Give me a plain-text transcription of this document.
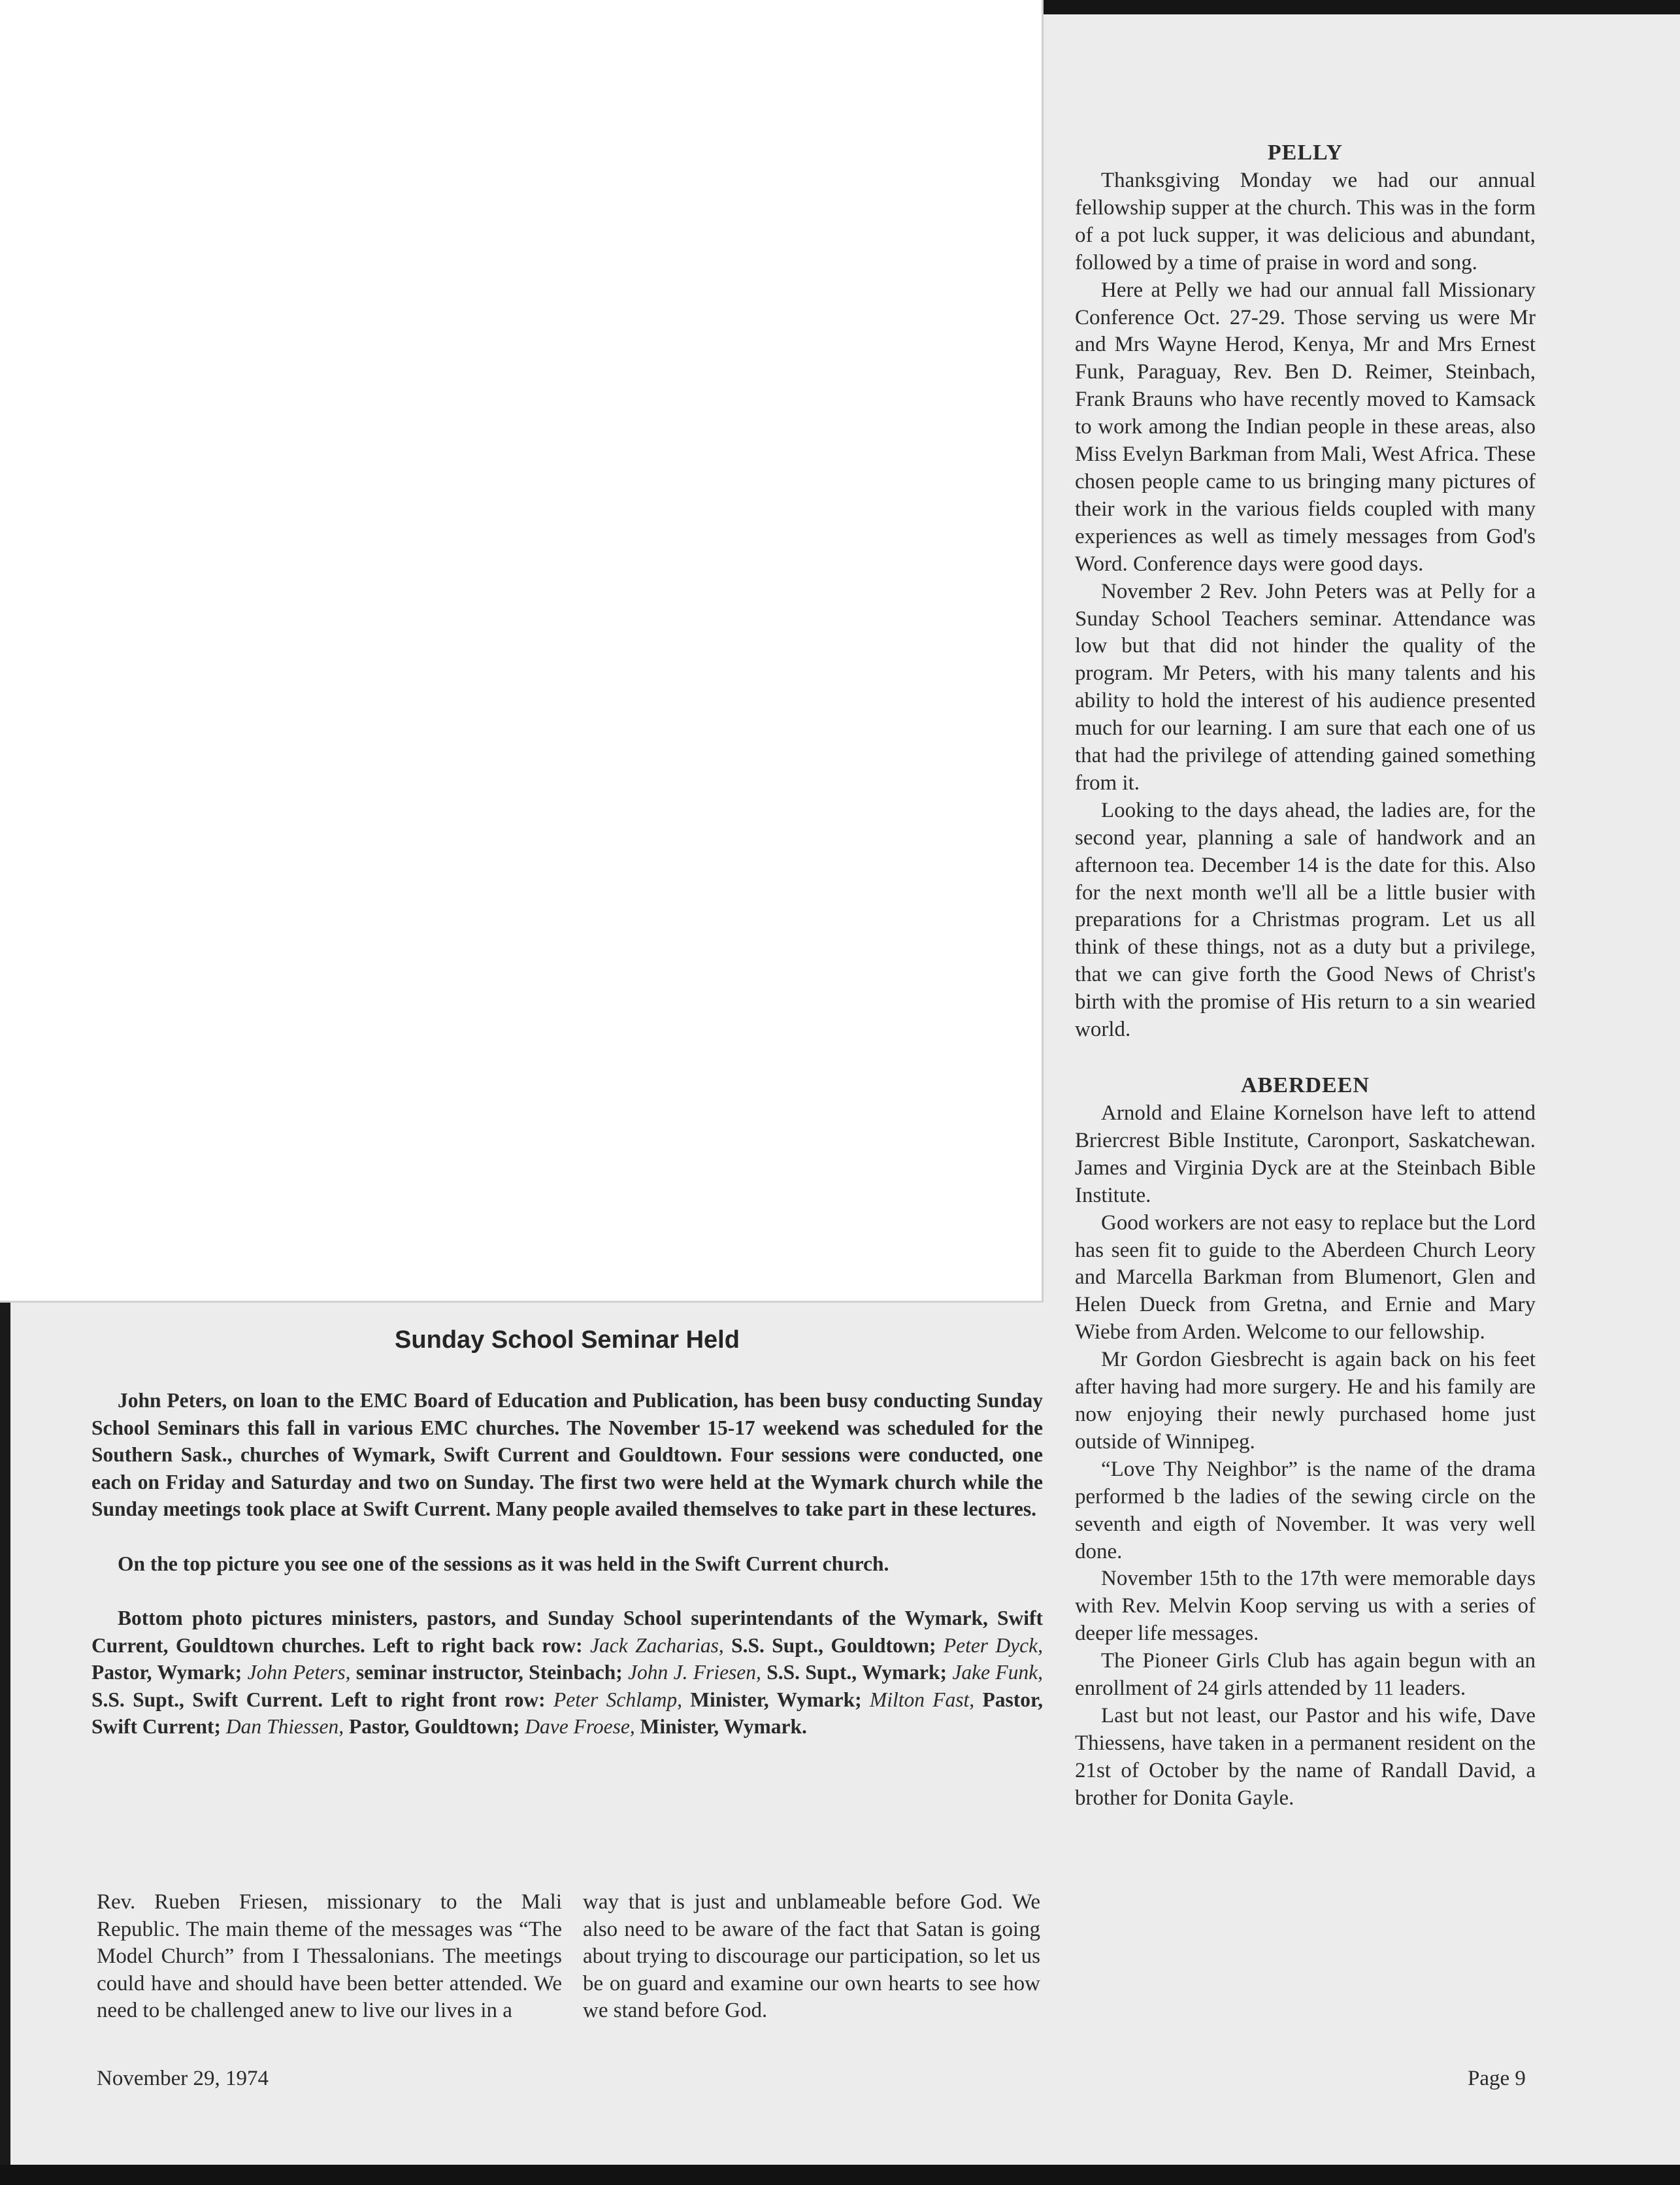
PELLY

Thanksgiving Monday we had our annual fellowship supper at the church. This was in the form of a pot luck supper, it was delicious and abundant, followed by a time of praise in word and song.

Here at Pelly we had our annual fall Missionary Conference Oct. 27-29. Those serving us were Mr and Mrs Wayne Herod, Kenya, Mr and Mrs Ernest Funk, Paraguay, Rev. Ben D. Reimer, Steinbach, Frank Brauns who have recently moved to Kamsack to work among the Indian people in these areas, also Miss Evelyn Barkman from Mali, West Africa. These chosen people came to us bringing many pictures of their work in the various fields coupled with many experiences as well as timely messages from God's Word. Conference days were good days.

November 2 Rev. John Peters was at Pelly for a Sunday School Teachers seminar. Attendance was low but that did not hinder the quality of the program. Mr Peters, with his many talents and his ability to hold the interest of his audience presented much for our learning. I am sure that each one of us that had the privilege of attending gained something from it.

Looking to the days ahead, the ladies are, for the second year, planning a sale of handwork and an afternoon tea. December 14 is the date for this. Also for the next month we'll all be a little busier with preparations for a Christmas program. Let us all think of these things, not as a duty but a privilege, that we can give forth the Good News of Christ's birth with the promise of His return to a sin wearied world.

ABERDEEN

Arnold and Elaine Kornelson have left to attend Briercrest Bible Institute, Caronport, Saskatchewan. James and Virginia Dyck are at the Steinbach Bible Institute.

Good workers are not easy to replace but the Lord has seen fit to guide to the Aberdeen Church Leory and Marcella Barkman from Blumenort, Glen and Helen Dueck from Gretna, and Ernie and Mary Wiebe from Arden. Welcome to our fellowship.

Mr Gordon Giesbrecht is again back on his feet after having had more surgery. He and his family are now enjoying their newly purchased home just outside of Winnipeg.

“Love Thy Neighbor” is the name of the drama performed b the ladies of the sewing circle on the seventh and eigth of November. It was very well done.

November 15th to the 17th were memorable days with Rev. Melvin Koop serving us with a series of deeper life messages.

The Pioneer Girls Club has again begun with an enrollment of 24 girls attended by 11 leaders.

Last but not least, our Pastor and his wife, Dave Thiessens, have taken in a permanent resident on the 21st of October by the name of Randall David, a brother for Donita Gayle.

Sunday School Seminar Held

John Peters, on loan to the EMC Board of Education and Publication, has been busy conducting Sunday School Seminars this fall in various EMC churches. The November 15-17 weekend was scheduled for the Southern Sask., churches of Wymark, Swift Current and Gouldtown. Four sessions were conducted, one each on Friday and Saturday and two on Sunday. The first two were held at the Wymark church while the Sunday meetings took place at Swift Current. Many people availed themselves to take part in these lectures.

On the top picture you see one of the sessions as it was held in the Swift Current church.

Bottom photo pictures ministers, pastors, and Sunday School superintendants of the Wymark, Swift Current, Gouldtown churches. Left to right back row: Jack Zacharias, S.S. Supt., Gouldtown; Peter Dyck, Pastor, Wymark; John Peters, seminar instructor, Steinbach; John J. Friesen, S.S. Supt., Wymark; Jake Funk, S.S. Supt., Swift Current. Left to right front row: Peter Schlamp, Minister, Wymark; Milton Fast, Pastor, Swift Current; Dan Thiessen, Pastor, Gouldtown; Dave Froese, Minister, Wymark.

Rev. Rueben Friesen, missionary to the Mali Republic. The main theme of the messages was “The Model Church” from I Thessalonians. The meetings could have and should have been better attended. We need to be challenged anew to live our lives in a

way that is just and unblameable before God. We also need to be aware of the fact that Satan is going about trying to discourage our participation, so let us be on guard and examine our own hearts to see how we stand before God.

November 29, 1974	Page 9
